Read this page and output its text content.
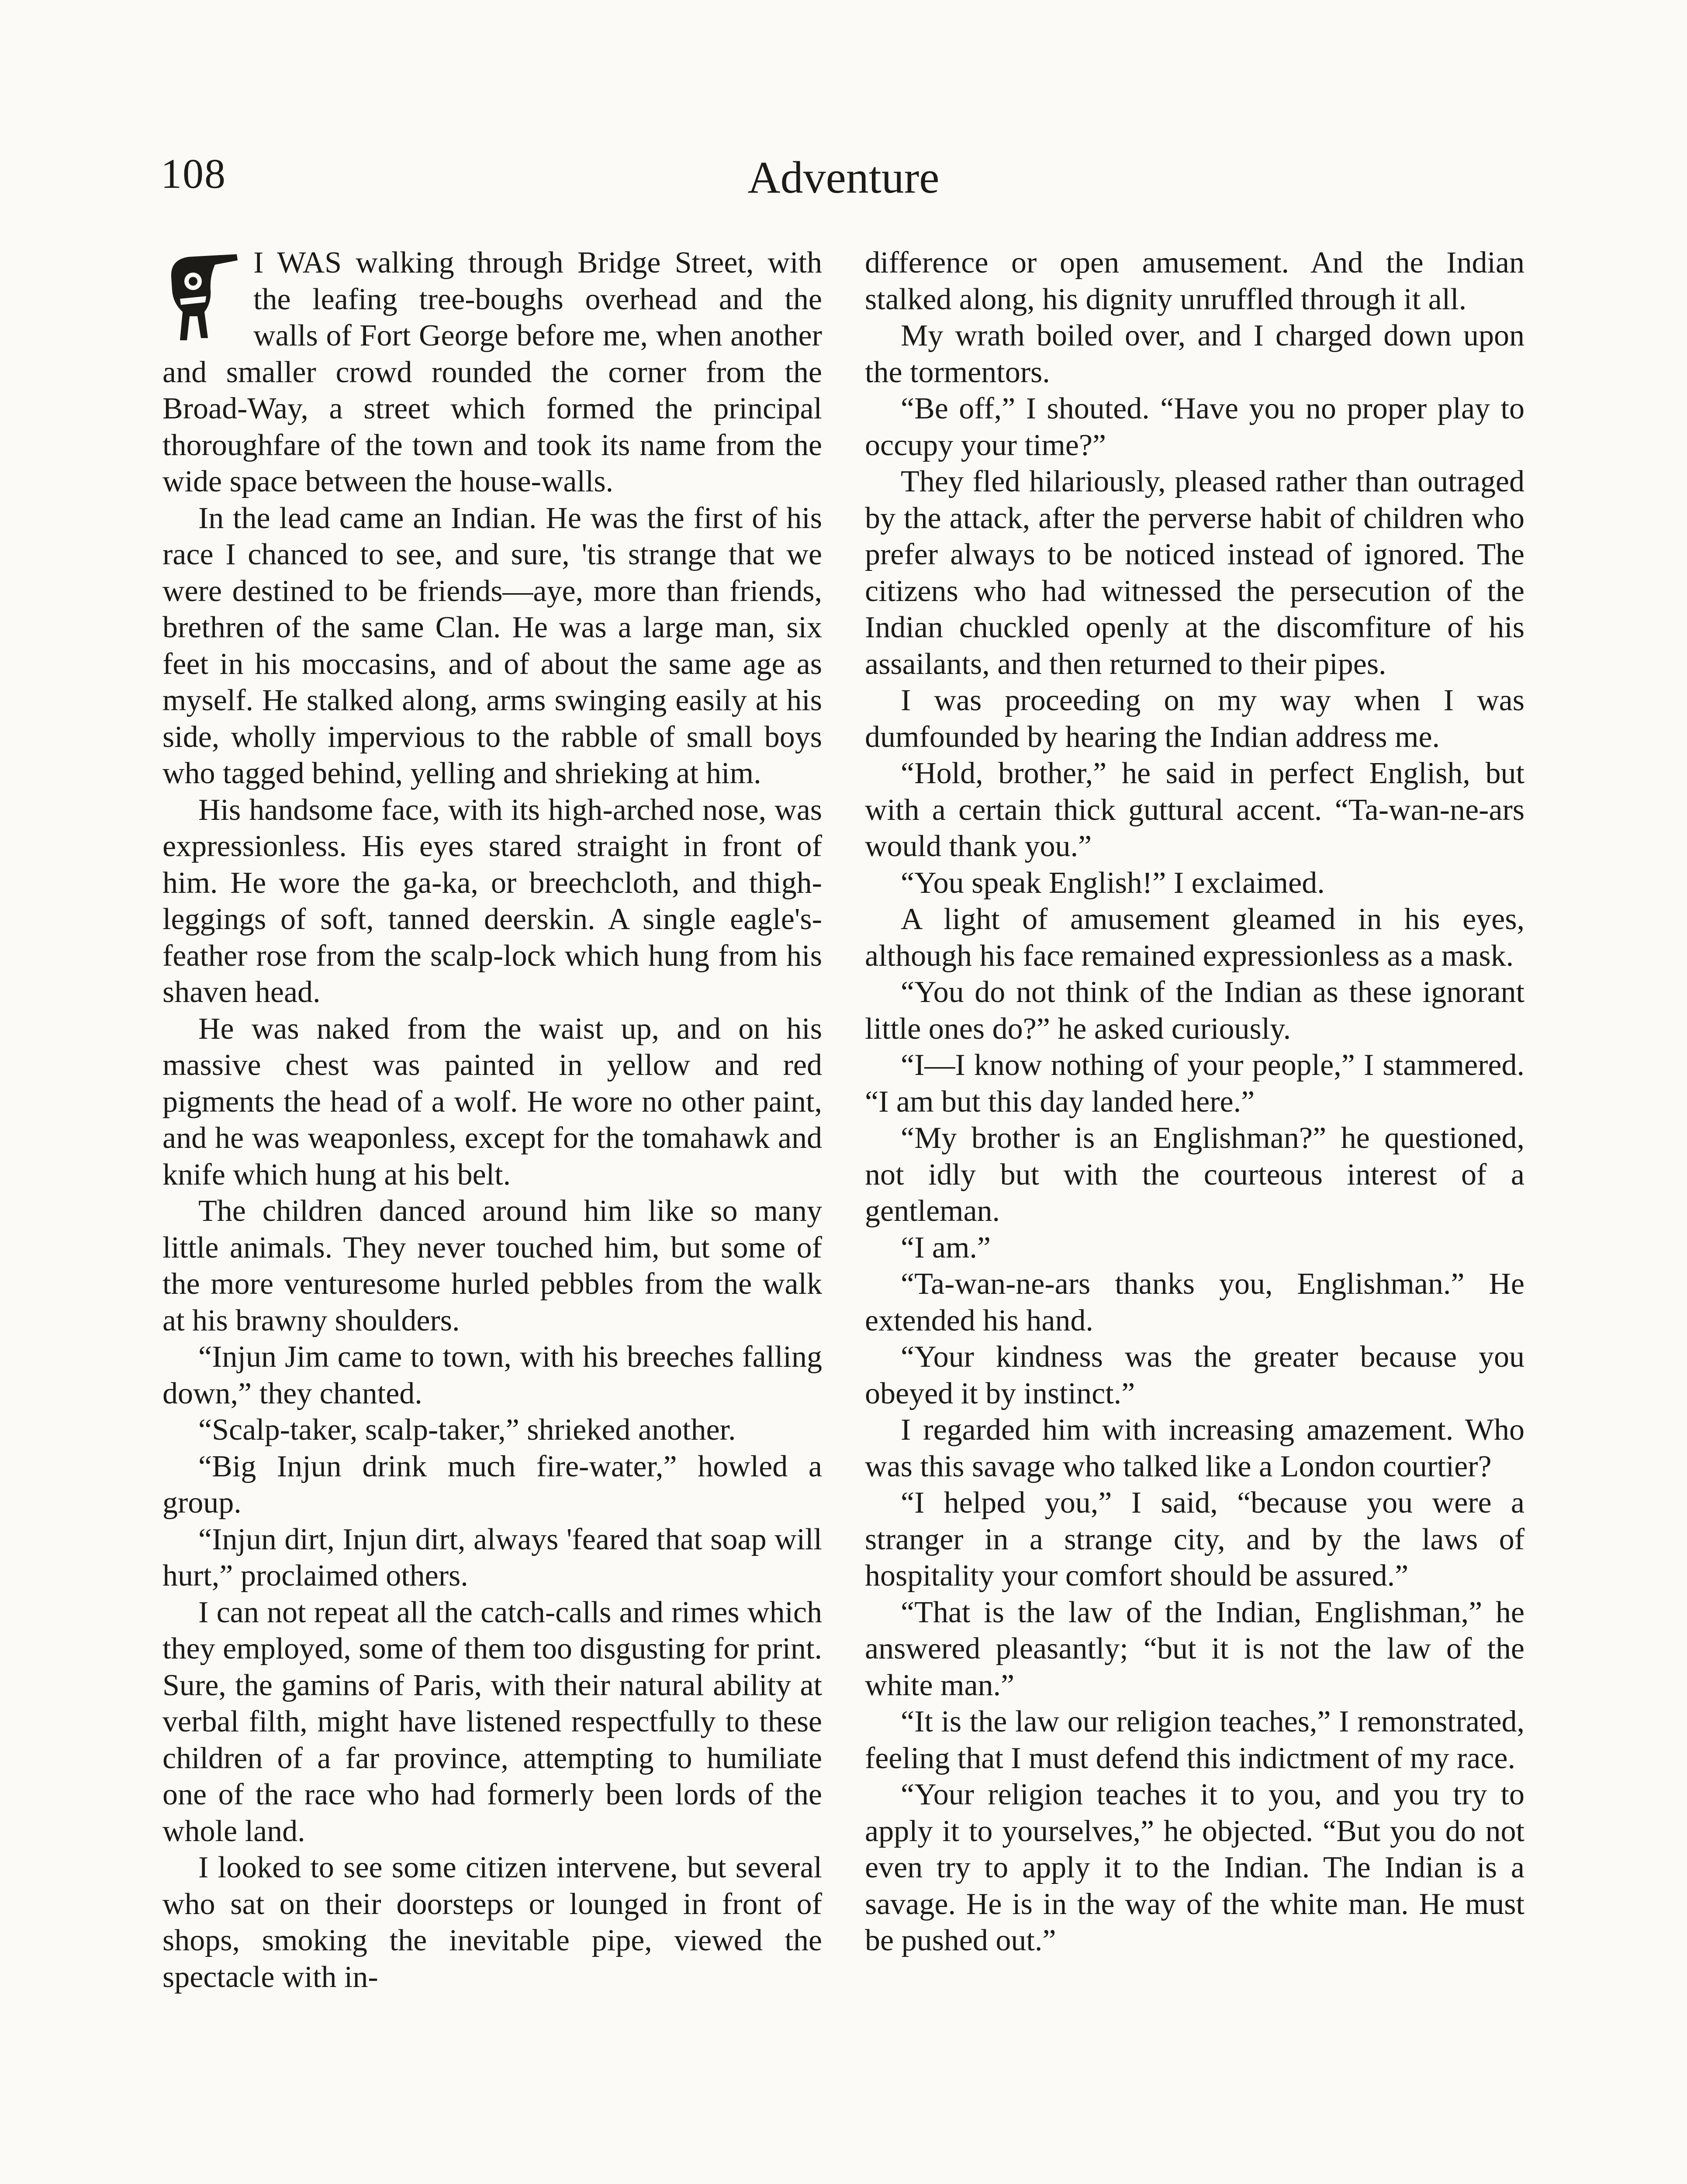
108	Adventure

I WAS walking through Bridge Street, with the leafing tree-boughs overhead and the walls of Fort George before me, when another and smaller crowd rounded the corner from the Broad-Way, a street which formed the principal thoroughfare of the town and took its name from the wide space between the house-walls.

In the lead came an Indian. He was the first of his race I chanced to see, and sure, 'tis strange that we were destined to be friends—aye, more than friends, brethren of the same Clan. He was a large man, six feet in his moccasins, and of about the same age as myself. He stalked along, arms swinging easily at his side, wholly impervious to the rabble of small boys who tagged behind, yelling and shrieking at him.

His handsome face, with its high-arched nose, was expressionless. His eyes stared straight in front of him. He wore the ga-ka, or breechcloth, and thigh-leggings of soft, tanned deerskin. A single eagle's-feather rose from the scalp-lock which hung from his shaven head.

He was naked from the waist up, and on his massive chest was painted in yellow and red pigments the head of a wolf. He wore no other paint, and he was weaponless, except for the tomahawk and knife which hung at his belt.

The children danced around him like so many little animals. They never touched him, but some of the more venturesome hurled pebbles from the walk at his brawny shoulders.

“Injun Jim came to town, with his breeches falling down,” they chanted.

“Scalp-taker, scalp-taker,” shrieked another.

“Big Injun drink much fire-water,” howled a group.

“Injun dirt, Injun dirt, always 'feared that soap will hurt,” proclaimed others.

I can not repeat all the catch-calls and rimes which they employed, some of them too disgusting for print. Sure, the gamins of Paris, with their natural ability at verbal filth, might have listened respectfully to these children of a far province, attempting to humiliate one of the race who had formerly been lords of the whole land.

I looked to see some citizen intervene, but several who sat on their doorsteps or lounged in front of shops, smoking the inevitable pipe, viewed the spectacle with in-

difference or open amusement. And the Indian stalked along, his dignity unruffled through it all.

My wrath boiled over, and I charged down upon the tormentors.

“Be off,” I shouted. “Have you no proper play to occupy your time?”

They fled hilariously, pleased rather than outraged by the attack, after the perverse habit of children who prefer always to be noticed instead of ignored. The citizens who had witnessed the persecution of the Indian chuckled openly at the discomfiture of his assailants, and then returned to their pipes.

I was proceeding on my way when I was dumfounded by hearing the Indian address me.

“Hold, brother,” he said in perfect English, but with a certain thick guttural accent. “Ta-wan-ne-ars would thank you.”

“You speak English!” I exclaimed.

A light of amusement gleamed in his eyes, although his face remained expressionless as a mask.

“You do not think of the Indian as these ignorant little ones do?” he asked curiously.

“I—I know nothing of your people,” I stammered. “I am but this day landed here.”

“My brother is an Englishman?” he questioned, not idly but with the courteous interest of a gentleman.

“I am.”

“Ta-wan-ne-ars thanks you, Englishman.” He extended his hand.

“Your kindness was the greater because you obeyed it by instinct.”

I regarded him with increasing amazement. Who was this savage who talked like a London courtier?

“I helped you,” I said, “because you were a stranger in a strange city, and by the laws of hospitality your comfort should be assured.”

“That is the law of the Indian, Englishman,” he answered pleasantly; “but it is not the law of the white man.”

“It is the law our religion teaches,” I remonstrated, feeling that I must defend this indictment of my race.

“Your religion teaches it to you, and you try to apply it to yourselves,” he objected. “But you do not even try to apply it to the Indian. The Indian is a savage. He is in the way of the white man. He must be pushed out.”
